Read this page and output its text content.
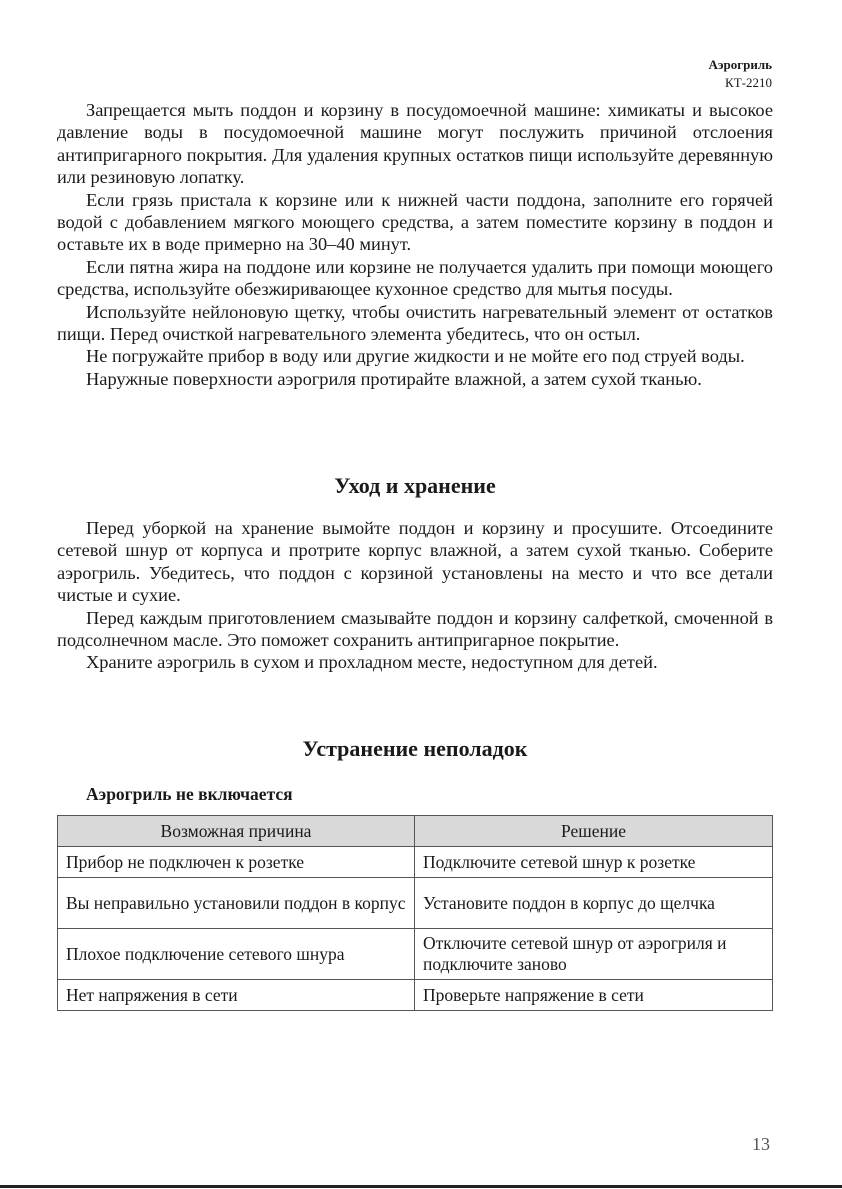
Аэрогриль
КТ-2210

Запрещается мыть поддон и корзину в посудомоечной машине: химикаты и высокое давление воды в посудомоечной машине могут послужить причиной отслоения антипригарного покрытия. Для удаления крупных остатков пищи используйте деревянную или резиновую лопатку.

Если грязь пристала к корзине или к нижней части поддона, заполните его горячей водой с добавлением мягкого моющего средства, а затем поместите корзину в поддон и оставьте их в воде примерно на 30–40 минут.

Если пятна жира на поддоне или корзине не получается удалить при помощи моющего средства, используйте обезжиривающее кухонное средство для мытья посуды.

Используйте нейлоновую щетку, чтобы очистить нагревательный элемент от остатков пищи. Перед очисткой нагревательного элемента убедитесь, что он остыл.

Не погружайте прибор в воду или другие жидкости и не мойте его под струей воды.

Наружные поверхности аэрогриля протирайте влажной, а затем сухой тканью.

Уход и хранение

Перед уборкой на хранение вымойте поддон и корзину и просушите. Отсоедините сетевой шнур от корпуса и протрите корпус влажной, а затем сухой тканью. Соберите аэрогриль. Убедитесь, что поддон с корзиной установлены на место и что все детали чистые и сухие.

Перед каждым приготовлением смазывайте поддон и корзину салфеткой, смоченной в подсолнечном масле. Это поможет сохранить антипригарное покрытие.

Храните аэрогриль в сухом и прохладном месте, недоступном для детей.

Устранение неполадок

Аэрогриль не включается

Возможная причина	Решение
Прибор не подключен к розетке	Подключите сетевой шнур к розетке
Вы неправильно установили поддон в корпус	Установите поддон в корпус до щелчка
Плохое подключение сетевого шнура	Отключите сетевой шнур от аэрогриля и подключите заново
Нет напряжения в сети	Проверьте напряжение в сети
13
